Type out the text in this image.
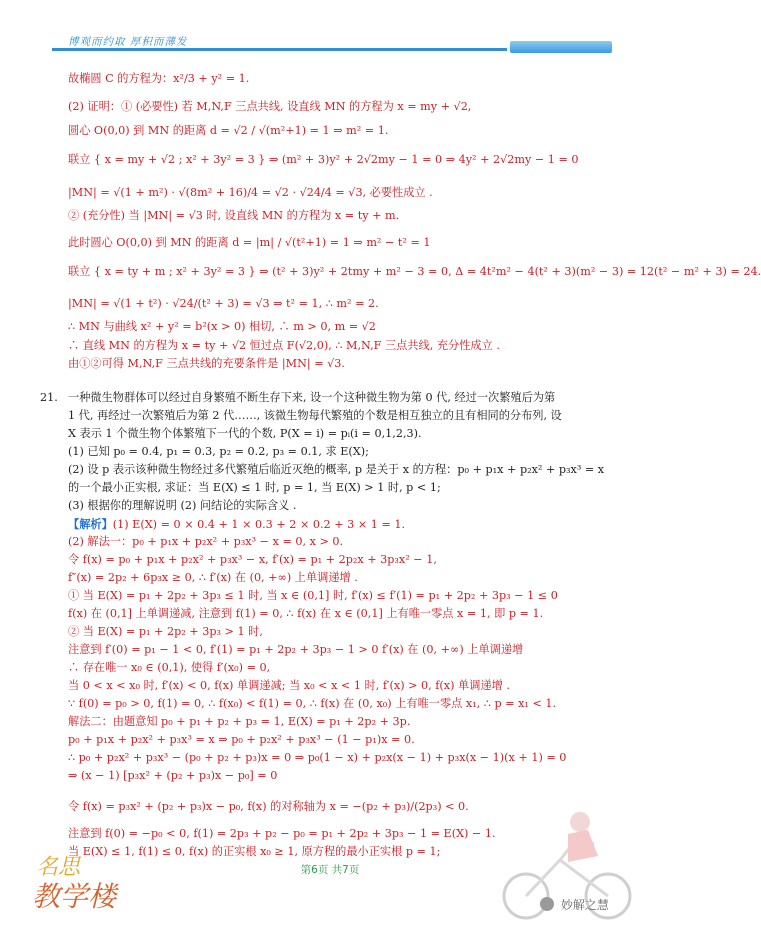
博观而约取 厚积而薄发
故椭圆 C 的方程为：x²/3 + y² = 1.
(2) 证明：① (必要性) 若 M,N,F 三点共线, 设直线 MN 的方程为 x = my + √2,
圆心 O(0,0) 到 MN 的距离 d = √2 / √(m²+1) = 1 ⇒ m² = 1.
联立 { x = my + √2 ; x² + 3y² = 3 } ⇒ (m² + 3)y² + 2√2my − 1 = 0 ⇒ 4y² + 2√2my − 1 = 0
|MN| = √(1 + m²) · √(8m² + 16)/4 = √2 · √24/4 = √3, 必要性成立 .
② (充分性) 当 |MN| = √3 时, 设直线 MN 的方程为 x = ty + m.
此时圆心 O(0,0) 到 MN 的距离 d = |m| / √(t²+1) = 1 ⇒ m² − t² = 1
联立 { x = ty + m ; x² + 3y² = 3 } ⇒ (t² + 3)y² + 2tmy + m² − 3 = 0, Δ = 4t²m² − 4(t² + 3)(m² − 3) = 12(t² − m² + 3) = 24.
|MN| = √(1 + t²) · √24/(t² + 3) = √3 ⇒ t² = 1, ∴ m² = 2.
∴ MN 与曲线 x² + y² = b²(x > 0) 相切, ∴ m > 0, m = √2
∴ 直线 MN 的方程为 x = ty + √2 恒过点 F(√2,0), ∴ M,N,F 三点共线, 充分性成立 .
由①②可得 M,N,F 三点共线的充要条件是 |MN| = √3.
一种微生物群体可以经过自身繁殖不断生存下来, 设一个这种微生物为第 0 代, 经过一次繁殖后为第
1 代, 再经过一次繁殖后为第 2 代……, 该微生物每代繁殖的个数是相互独立的且有相同的分布列, 设
X 表示 1 个微生物个体繁殖下一代的个数, P(X = i) = pᵢ(i = 0,1,2,3).
(1) 已知 p₀ = 0.4, p₁ = 0.3, p₂ = 0.2, p₃ = 0.1, 求 E(X);
(2) 设 p 表示该种微生物经过多代繁殖后临近灭绝的概率, p 是关于 x 的方程：p₀ + p₁x + p₂x² + p₃x³ = x
的一个最小正实根, 求证：当 E(X) ≤ 1 时, p = 1, 当 E(X) > 1 时, p < 1;
(3) 根据你的理解说明 (2) 问结论的实际含义 .
【解析】(1) E(X) = 0 × 0.4 + 1 × 0.3 + 2 × 0.2 + 3 × 1 = 1.
(2) 解法一：p₀ + p₁x + p₂x² + p₃x³ − x = 0, x > 0.
令 f(x) = p₀ + p₁x + p₂x² + p₃x³ − x, f′(x) = p₁ + 2p₂x + 3p₃x² − 1,
f″(x) = 2p₂ + 6p₃x ≥ 0, ∴ f′(x) 在 (0, +∞) 上单调递增 .
① 当 E(X) = p₁ + 2p₂ + 3p₃ ≤ 1 时, 当 x ∈ (0,1] 时, f′(x) ≤ f′(1) = p₁ + 2p₂ + 3p₃ − 1 ≤ 0
f(x) 在 (0,1] 上单调递减, 注意到 f(1) = 0, ∴ f(x) 在 x ∈ (0,1] 上有唯一零点 x = 1, 即 p = 1.
② 当 E(X) = p₁ + 2p₂ + 3p₃ > 1 时,
注意到 f′(0) = p₁ − 1 < 0, f′(1) = p₁ + 2p₂ + 3p₃ − 1 > 0 f′(x) 在 (0, +∞) 上单调递增
∴ 存在唯一 x₀ ∈ (0,1), 使得 f′(x₀) = 0,
当 0 < x < x₀ 时, f′(x) < 0, f(x) 单调递减; 当 x₀ < x < 1 时, f′(x) > 0, f(x) 单调递增 .
∵ f(0) = p₀ > 0, f(1) = 0, ∴ f(x₀) < f(1) = 0, ∴ f(x) 在 (0, x₀) 上有唯一零点 x₁, ∴ p = x₁ < 1.
解法二：由题意知 p₀ + p₁ + p₂ + p₃ = 1, E(X) = p₁ + 2p₂ + 3p.
p₀ + p₁x + p₂x² + p₃x³ = x ⇒ p₀ + p₂x² + p₃x³ − (1 − p₁)x = 0.
∴ p₀ + p₂x² + p₃x³ − (p₀ + p₂ + p₃)x = 0 ⇒ p₀(1 − x) + p₂x(x − 1) + p₃x(x − 1)(x + 1) = 0
⇒ (x − 1) [p₃x² + (p₂ + p₃)x − p₀] = 0
令 f(x) = p₃x² + (p₂ + p₃)x − p₀, f(x) 的对称轴为 x = −(p₂ + p₃)/(2p₃) < 0.
注意到 f(0) = −p₀ < 0, f(1) = 2p₃ + p₂ − p₀ = p₁ + 2p₂ + 3p₃ − 1 = E(X) − 1.
当 E(X) ≤ 1, f(1) ≤ 0, f(x) 的正实根 x₀ ≥ 1, 原方程的最小正实根 p = 1;
21.
第6页 共7页
名思
教学楼	妙解之慧
